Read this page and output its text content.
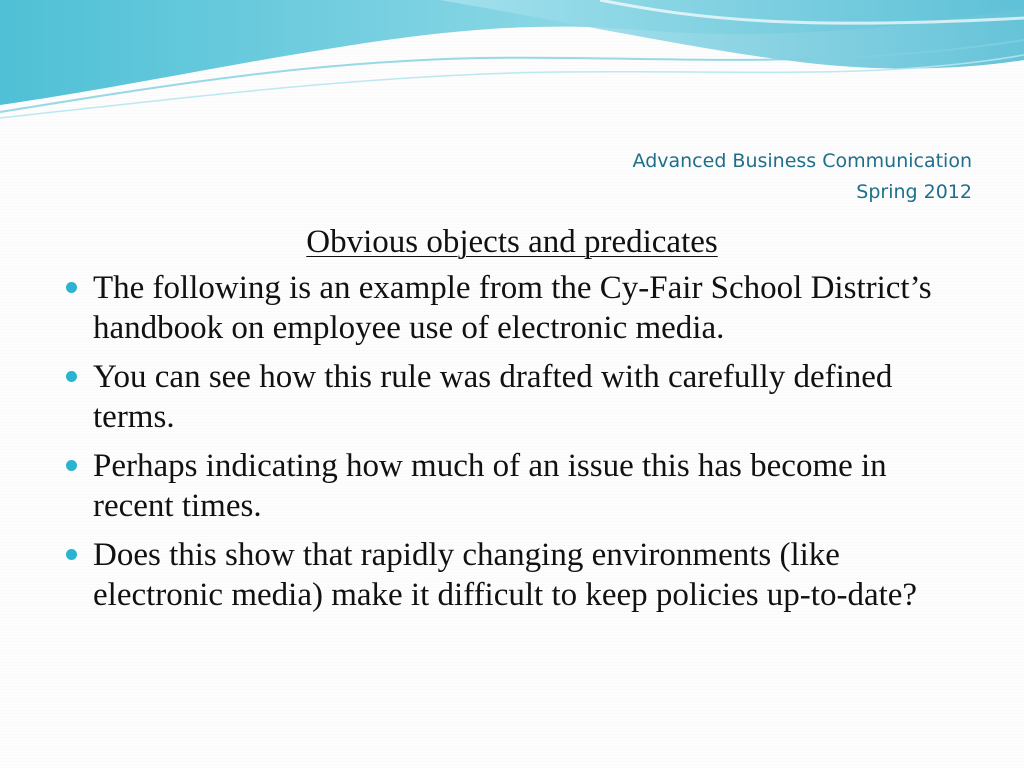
Advanced Business Communication
Spring 2012
Obvious objects and predicates
The following is an example from the Cy-Fair School District’s handbook on employee use of electronic media.
You can see how this rule was drafted with carefully defined terms.
Perhaps indicating how much of an issue this has become in recent times.
Does this show that rapidly changing environments (like electronic media) make it difficult to keep policies up-to-date?
